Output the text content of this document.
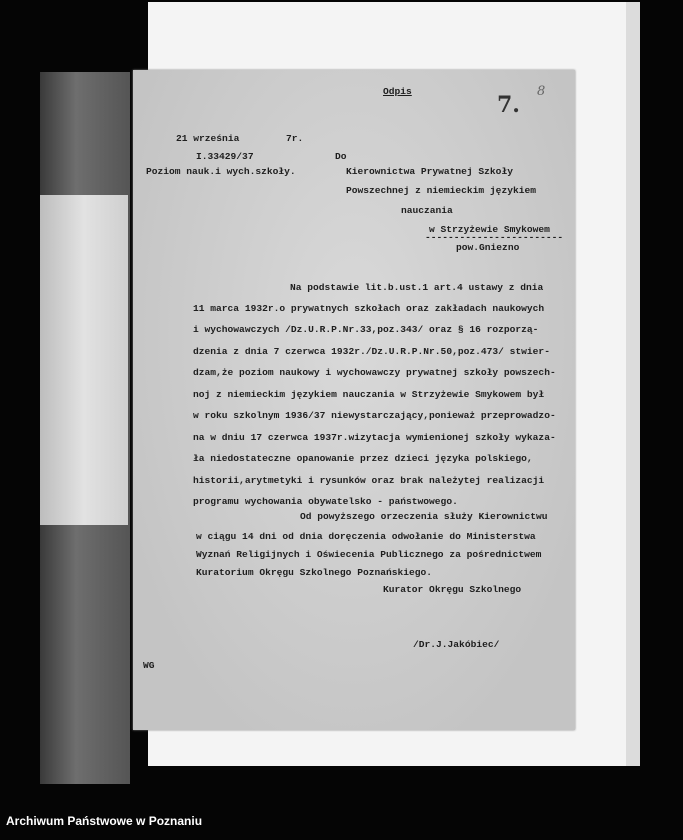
Odpis
7.
8
21 września	7r.
I.33429/37
Poziom nauk.i wych.szkoły.
Do
Kierownictwa Prywatnej Szkoły
Powszechnej z niemieckim językiem
nauczania
w Strzyżewie Smykowem
------------------------
pow.Gniezno
Na podstawie lit.b.ust.1 art.4 ustawy z dnia
11 marca 1932r.o prywatnych szkołach oraz zakładach naukowych
i wychowawczych /Dz.U.R.P.Nr.33,poz.343/ oraz § 16 rozporzą-
dzenia z dnia 7 czerwca 1932r./Dz.U.R.P.Nr.50,poz.473/ stwier-
dzam,że poziom naukowy i wychowawczy prywatnej szkoły powszech-
noj z niemieckim językiem nauczania w Strzyżewie Smykowem był
w roku szkolnym 1936/37 niewystarczający,ponieważ przeprowadzo-
na w dniu 17 czerwca 1937r.wizytacja wymienionej szkoły wykaza-
ła niedostateczne opanowanie przez dzieci języka polskiego,
historii,arytmetyki i rysunków oraz brak należytej realizacji
programu wychowania obywatelsko - państwowego.
Od powyższego orzeczenia służy Kierownictwu
w ciągu 14 dni od dnia doręczenia odwołanie do Ministerstwa
Wyznań Religijnych i Oświecenia Publicznego za pośrednictwem
Kuratorium Okręgu Szkolnego Poznańskiego.
Kurator Okręgu Szkolnego
/Dr.J.Jakóbiec/
WG
Archiwum Państwowe w Poznaniu
